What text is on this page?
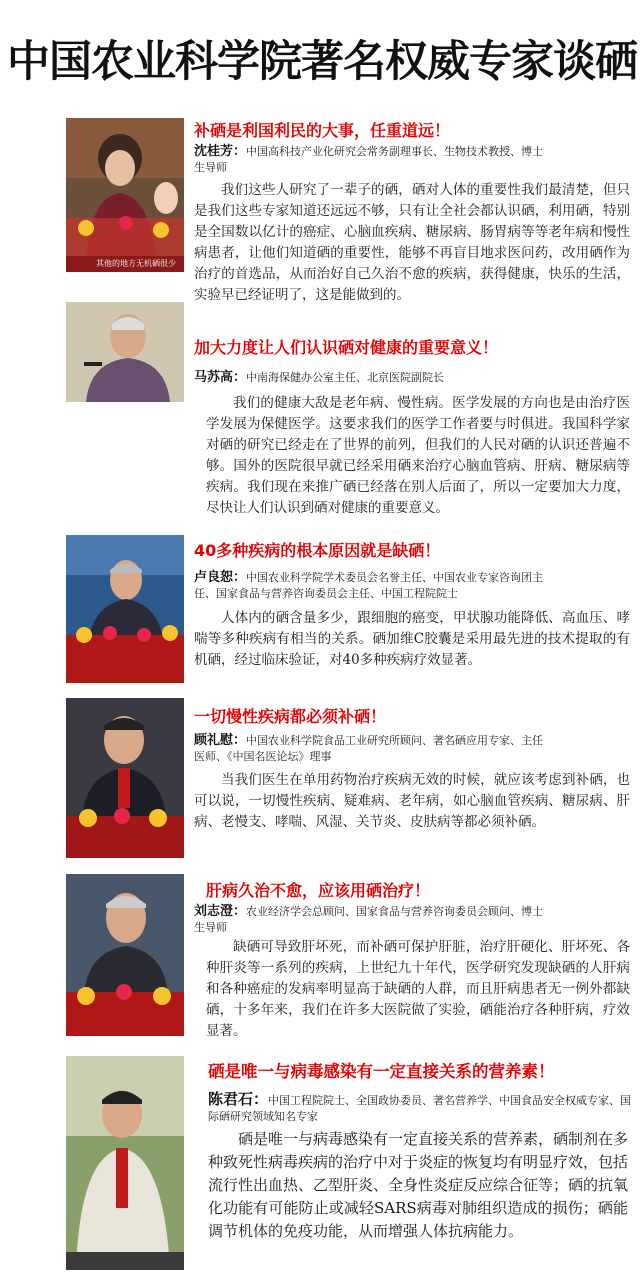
中国农业科学院著名权威专家谈硒
其他的地方无机硒很少
补硒是利国利民的大事，任重道远！
沈桂芳：中国高科技产业化研究会常务副理事长、生物技术教授、博士生导师

我们这些人研究了一辈子的硒，硒对人体的重要性我们最清楚，但只是我们这些专家知道还远远不够，只有让全社会都认识硒，利用硒，特别是全国数以亿计的癌症、心脑血疾病、糖尿病、肠胃病等等老年病和慢性病患者，让他们知道硒的重要性，能够不再盲目地求医问药，改用硒作为治疗的首选品，从而治好自己久治不愈的疾病，获得健康，快乐的生活，实验早已经证明了，这是能做到的。

加大力度让人们认识硒对健康的重要意义！
马苏高：中南海保健办公室主任、北京医院副院长

我们的健康大敌是老年病、慢性病。医学发展的方向也是由治疗医学发展为保健医学。这要求我们的医学工作者要与时俱进。我国科学家对硒的研究已经走在了世界的前列，但我们的人民对硒的认识还普遍不够。国外的医院很早就已经采用硒来治疗心脑血管病、肝病、糖尿病等疾病。我们现在来推广硒已经落在别人后面了，所以一定要加大力度，尽快让人们认识到硒对健康的重要意义。

40多种疾病的根本原因就是缺硒！
卢良恕：中国农业科学院学术委员会名誉主任、中国农业专家咨询团主任、国家食品与营养咨询委员会主任、中国工程院院士

人体内的硒含量多少，跟细胞的癌变，甲状腺功能降低、高血压、哮喘等多种疾病有相当的关系。硒加维C胶囊是采用最先进的技术提取的有机硒，经过临床验证，对40多种疾病疗效显著。

一切慢性疾病都必须补硒！
顾礼慰：中国农业科学院食品工业研究所顾问、著名硒应用专家、主任医师、《中国名医论坛》理事

当我们医生在单用药物治疗疾病无效的时候，就应该考虑到补硒，也可以说，一切慢性疾病、疑难病、老年病，如心脑血管疾病、糖尿病、肝病、老慢支、哮喘、风湿、关节炎、皮肤病等都必须补硒。

肝病久治不愈，应该用硒治疗！
刘志澄：农业经济学会总顾问、国家食品与营养咨询委员会顾问、博士生导师

缺硒可导致肝坏死，而补硒可保护肝脏，治疗肝硬化、肝坏死、各种肝炎等一系列的疾病，上世纪九十年代，医学研究发现缺硒的人肝病和各种癌症的发病率明显高于缺硒的人群，而且肝病患者无一例外都缺硒，十多年来，我们在许多大医院做了实验，硒能治疗各种肝病，疗效显著。

硒是唯一与病毒感染有一定直接关系的营养素！
陈君石：中国工程院院士、全国政协委员、著名营养学、中国食品安全权威专家、国际硒研究领域知名专家

硒是唯一与病毒感染有一定直接关系的营养素，硒制剂在多种致死性病毒疾病的治疗中对于炎症的恢复均有明显疗效，包括流行性出血热、乙型肝炎、全身性炎症反应综合征等；硒的抗氧化功能有可能防止或减轻SARS病毒对肺组织造成的损伤；硒能调节机体的免疫功能，从而增强人体抗病能力。
